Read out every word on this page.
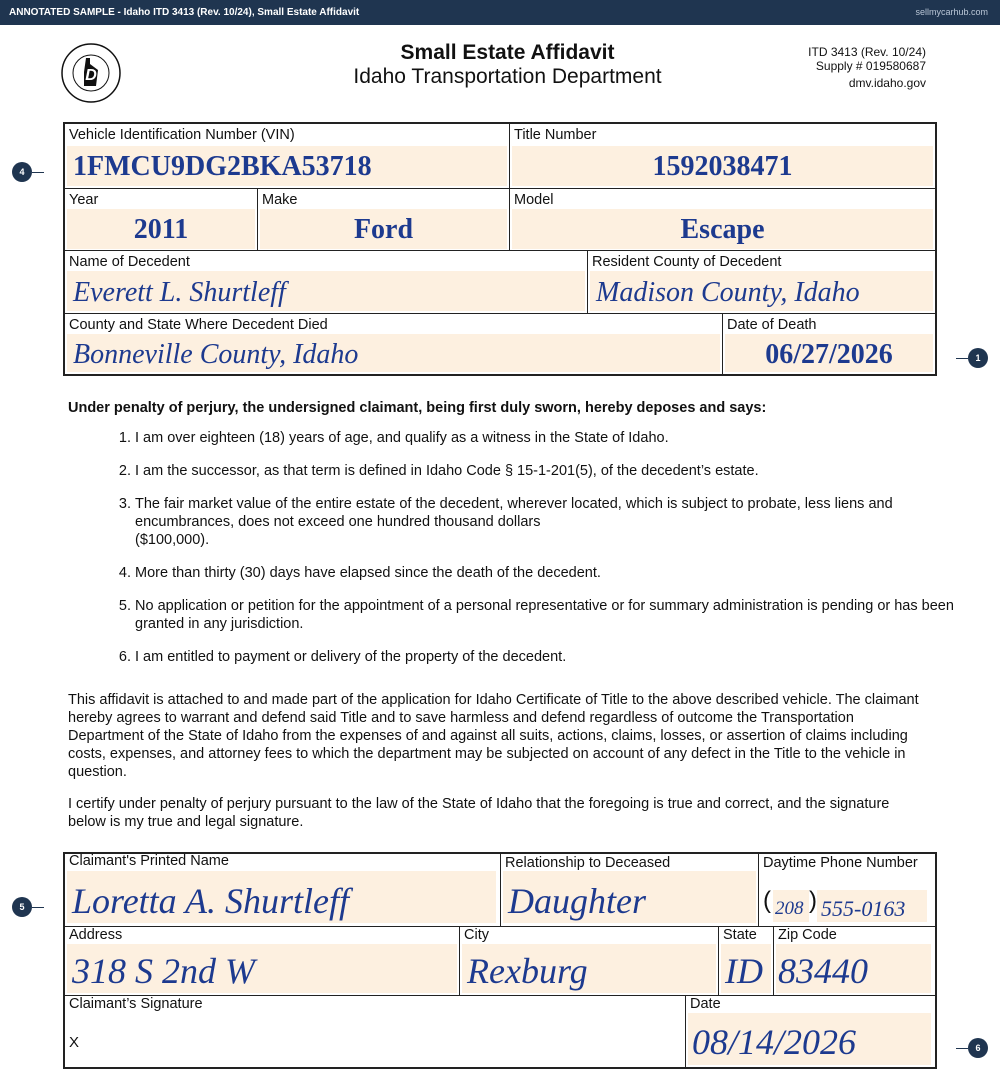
ANNOTATED SAMPLE - Idaho ITD 3413 (Rev. 10/24), Small Estate Affidavit	sellmycarhub.com
D
Small Estate Affidavit
Idaho Transportation Department
ITD 3413 (Rev. 10/24)
Supply # 019580687
dmv.idaho.gov
Vehicle Identification Number (VIN)
1FMCU9DG2BKA53718
Title Number
1592038471
Year
2011
Make
Ford
Model
Escape
Name of Decedent
Everett L. Shurtleff
Resident County of Decedent
Madison County, Idaho
County and State Where Decedent Died
Bonneville County, Idaho
Date of Death
06/27/2026
4
1
Under penalty of perjury, the undersigned claimant, being first duly sworn, hereby deposes and says:
1. I am over eighteen (18) years of age, and qualify as a witness in the State of Idaho.
2. I am the successor, as that term is defined in Idaho Code § 15-1-201(5), of the decedent’s estate.
3. The fair market value of the entire estate of the decedent, wherever located, which is subject to probate, less liens and encumbrances, does not exceed one hundred thousand dollars
($100,000).
4. More than thirty (30) days have elapsed since the death of the decedent.
5. No application or petition for the appointment of a personal representative or for summary administration is pending or has been granted in any jurisdiction.
6. I am entitled to payment or delivery of the property of the decedent.
This affidavit is attached to and made part of the application for Idaho Certificate of Title to the above described vehicle. The claimant hereby agrees to warrant and defend said Title and to save harmless and defend regardless of outcome the Transportation Department of the State of Idaho from the expenses of and against all suits, actions, claims, losses, or assertion of claims including costs, expenses, and attorney fees to which the department may be subjected on account of any defect in the Title to the vehicle in question.
I certify under penalty of perjury pursuant to the law of the State of Idaho that the foregoing is true and correct, and the signature below is my true and legal signature.
Claimant's Printed Name
Loretta A. Shurtleff
Relationship to Deceased
Daughter
Daytime Phone Number
( 208 ) 555-0163
Address
318 S 2nd W
City
Rexburg
State
ID
Zip Code
83440
Claimant’s Signature
X
Date
08/14/2026
5
6
